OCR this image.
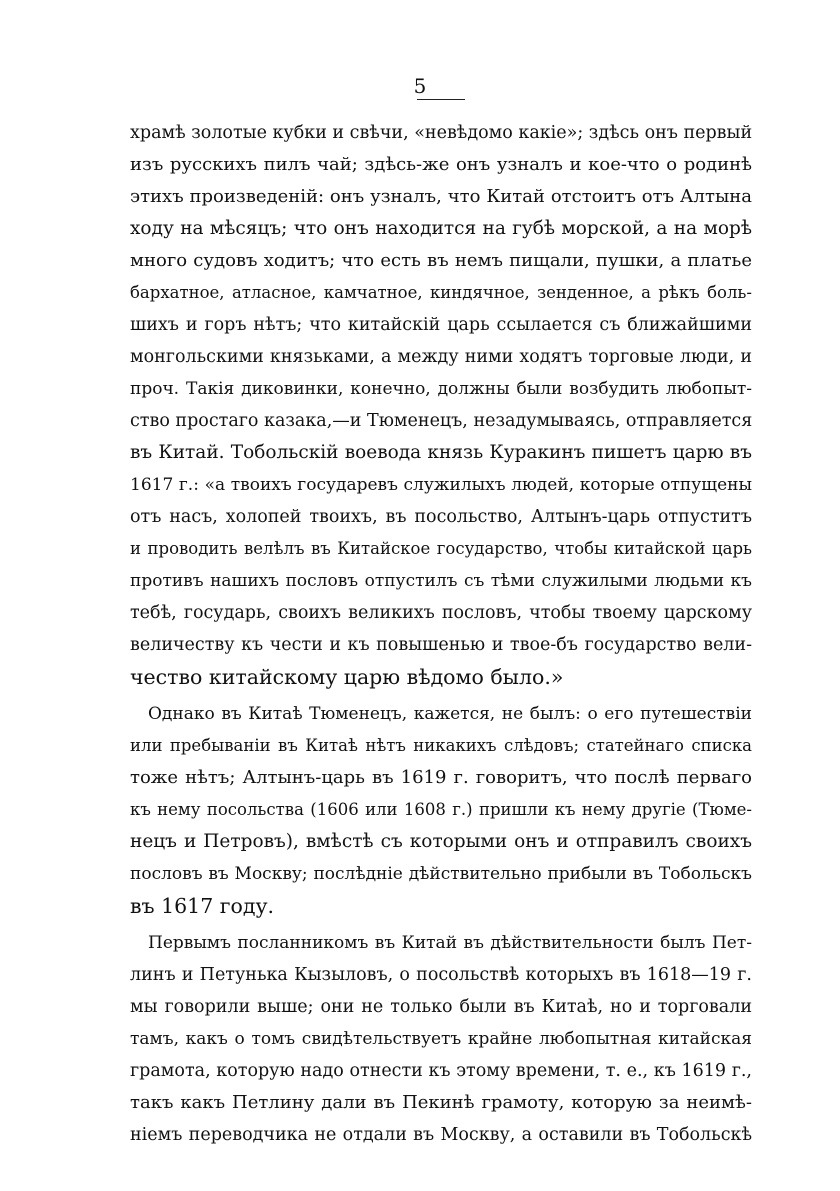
5
храмѣ золотые кубки и свѣчи, «невѣдомо какіе»; здѣсь онъ первый
изъ русскихъ пилъ чай; здѣсь-же онъ узналъ и кое-что о родинѣ
этихъ произведеній: онъ узналъ, что Китай отстоитъ отъ Алтына
ходу на мѣсяцъ; что онъ находится на губѣ морской, а на морѣ
много судовъ ходитъ; что есть въ немъ пищали, пушки, а платье
бархатное, атласное, камчатное, киндячное, зенденное, а рѣкъ боль-
шихъ и горъ нѣтъ; что китайскій царь ссылается съ ближайшими
монгольскими князьками, а между ними ходятъ торговые люди, и
проч. Такія диковинки, конечно, должны были возбудить любопыт-
ство простаго казака,—и Тюменецъ, незадумываясь, отправляется
въ Китай. Тобольскій воевода князь Куракинъ пишетъ царю въ
1617 г.: «а твоихъ государевъ служилыхъ людей, которые отпущены
отъ насъ, холопей твоихъ, въ посольство, Алтынъ-царь отпуститъ
и проводить велѣлъ въ Китайское государство, чтобы китайской царь
противъ нашихъ пословъ отпустилъ съ тѣми служилыми людьми къ
тебѣ, государь, своихъ великихъ пословъ, чтобы твоему царскому
величеству къ чести и къ повышенью и твое-бъ государство вели-
чество китайскому царю вѣдомо было.»
Однако въ Китаѣ Тюменецъ, кажется, не былъ: о его путешествіи
или пребываніи въ Китаѣ нѣтъ никакихъ слѣдовъ; статейнаго списка
тоже нѣтъ; Алтынъ-царь въ 1619 г. говоритъ, что послѣ перваго
къ нему посольства (1606 или 1608 г.) пришли къ нему другіе (Тюме-
нецъ и Петровъ), вмѣстѣ съ которыми онъ и отправилъ своихъ
пословъ въ Москву; послѣдніе дѣйствительно прибыли въ Тобольскъ
въ 1617 году.
Первымъ посланникомъ въ Китай въ дѣйствительности былъ Пет-
линъ и Петунька Кызыловъ, о посольствѣ которыхъ въ 1618—19 г.
мы говорили выше; они не только были въ Китаѣ, но и торговали
тамъ, какъ о томъ свидѣтельствуетъ крайне любопытная китайская
грамота, которую надо отнести къ этому времени, т. е., къ 1619 г.,
такъ какъ Петлину дали въ Пекинѣ грамоту, которую за неимѣ-
ніемъ переводчика не отдали въ Москву, а оставили въ Тобольскѣ
